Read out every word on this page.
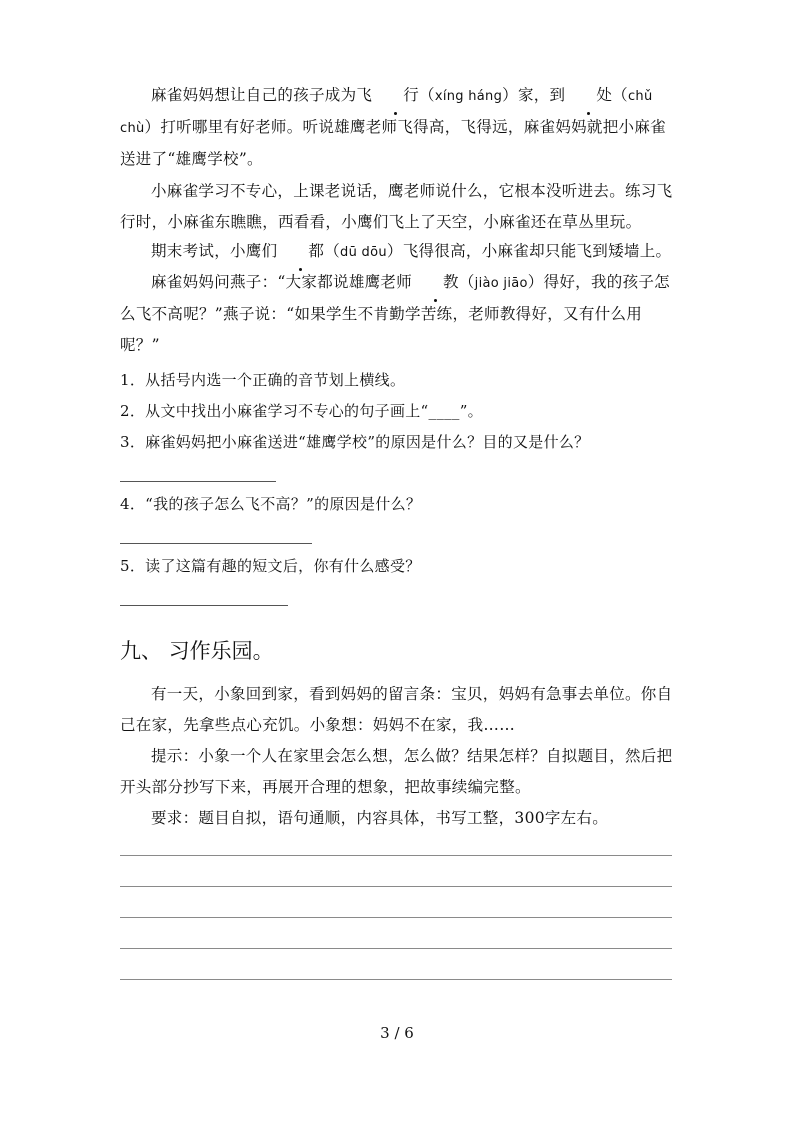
麻雀妈妈想让自己的孩子成为飞 行（xíng háng）家，到 处（chǔ chù）打听哪里有好老师。听说雄鹰老师飞得高，飞得远，麻雀妈妈就把小麻雀送进了“雄鹰学校”。

小麻雀学习不专心，上课老说话，鹰老师说什么，它根本没听进去。练习飞行时，小麻雀东瞧瞧，西看看，小鹰们飞上了天空，小麻雀还在草丛里玩。

期末考试，小鹰们 都（dū dōu）飞得很高，小麻雀却只能飞到矮墙上。

麻雀妈妈问燕子：“大家都说雄鹰老师 教（jiào jiāo）得好，我的孩子怎么飞不高呢？”燕子说：“如果学生不肯勤学苦练，老师教得好，又有什么用呢？”

1．从括号内选一个正确的音节划上横线。

2．从文中找出小麻雀学习不专心的句子画上“____”。

3．麻雀妈妈把小麻雀送进“雄鹰学校”的原因是什么？目的又是什么？

4．“我的孩子怎么飞不高？”的原因是什么？

5．读了这篇有趣的短文后，你有什么感受？

九、 习作乐园。

有一天，小象回到家，看到妈妈的留言条：宝贝，妈妈有急事去单位。你自己在家，先拿些点心充饥。小象想：妈妈不在家，我……

提示：小象一个人在家里会怎么想，怎么做？结果怎样？自拟题目，然后把开头部分抄写下来，再展开合理的想象，把故事续编完整。

要求：题目自拟，语句通顺，内容具体，书写工整，300字左右。

3 / 6
